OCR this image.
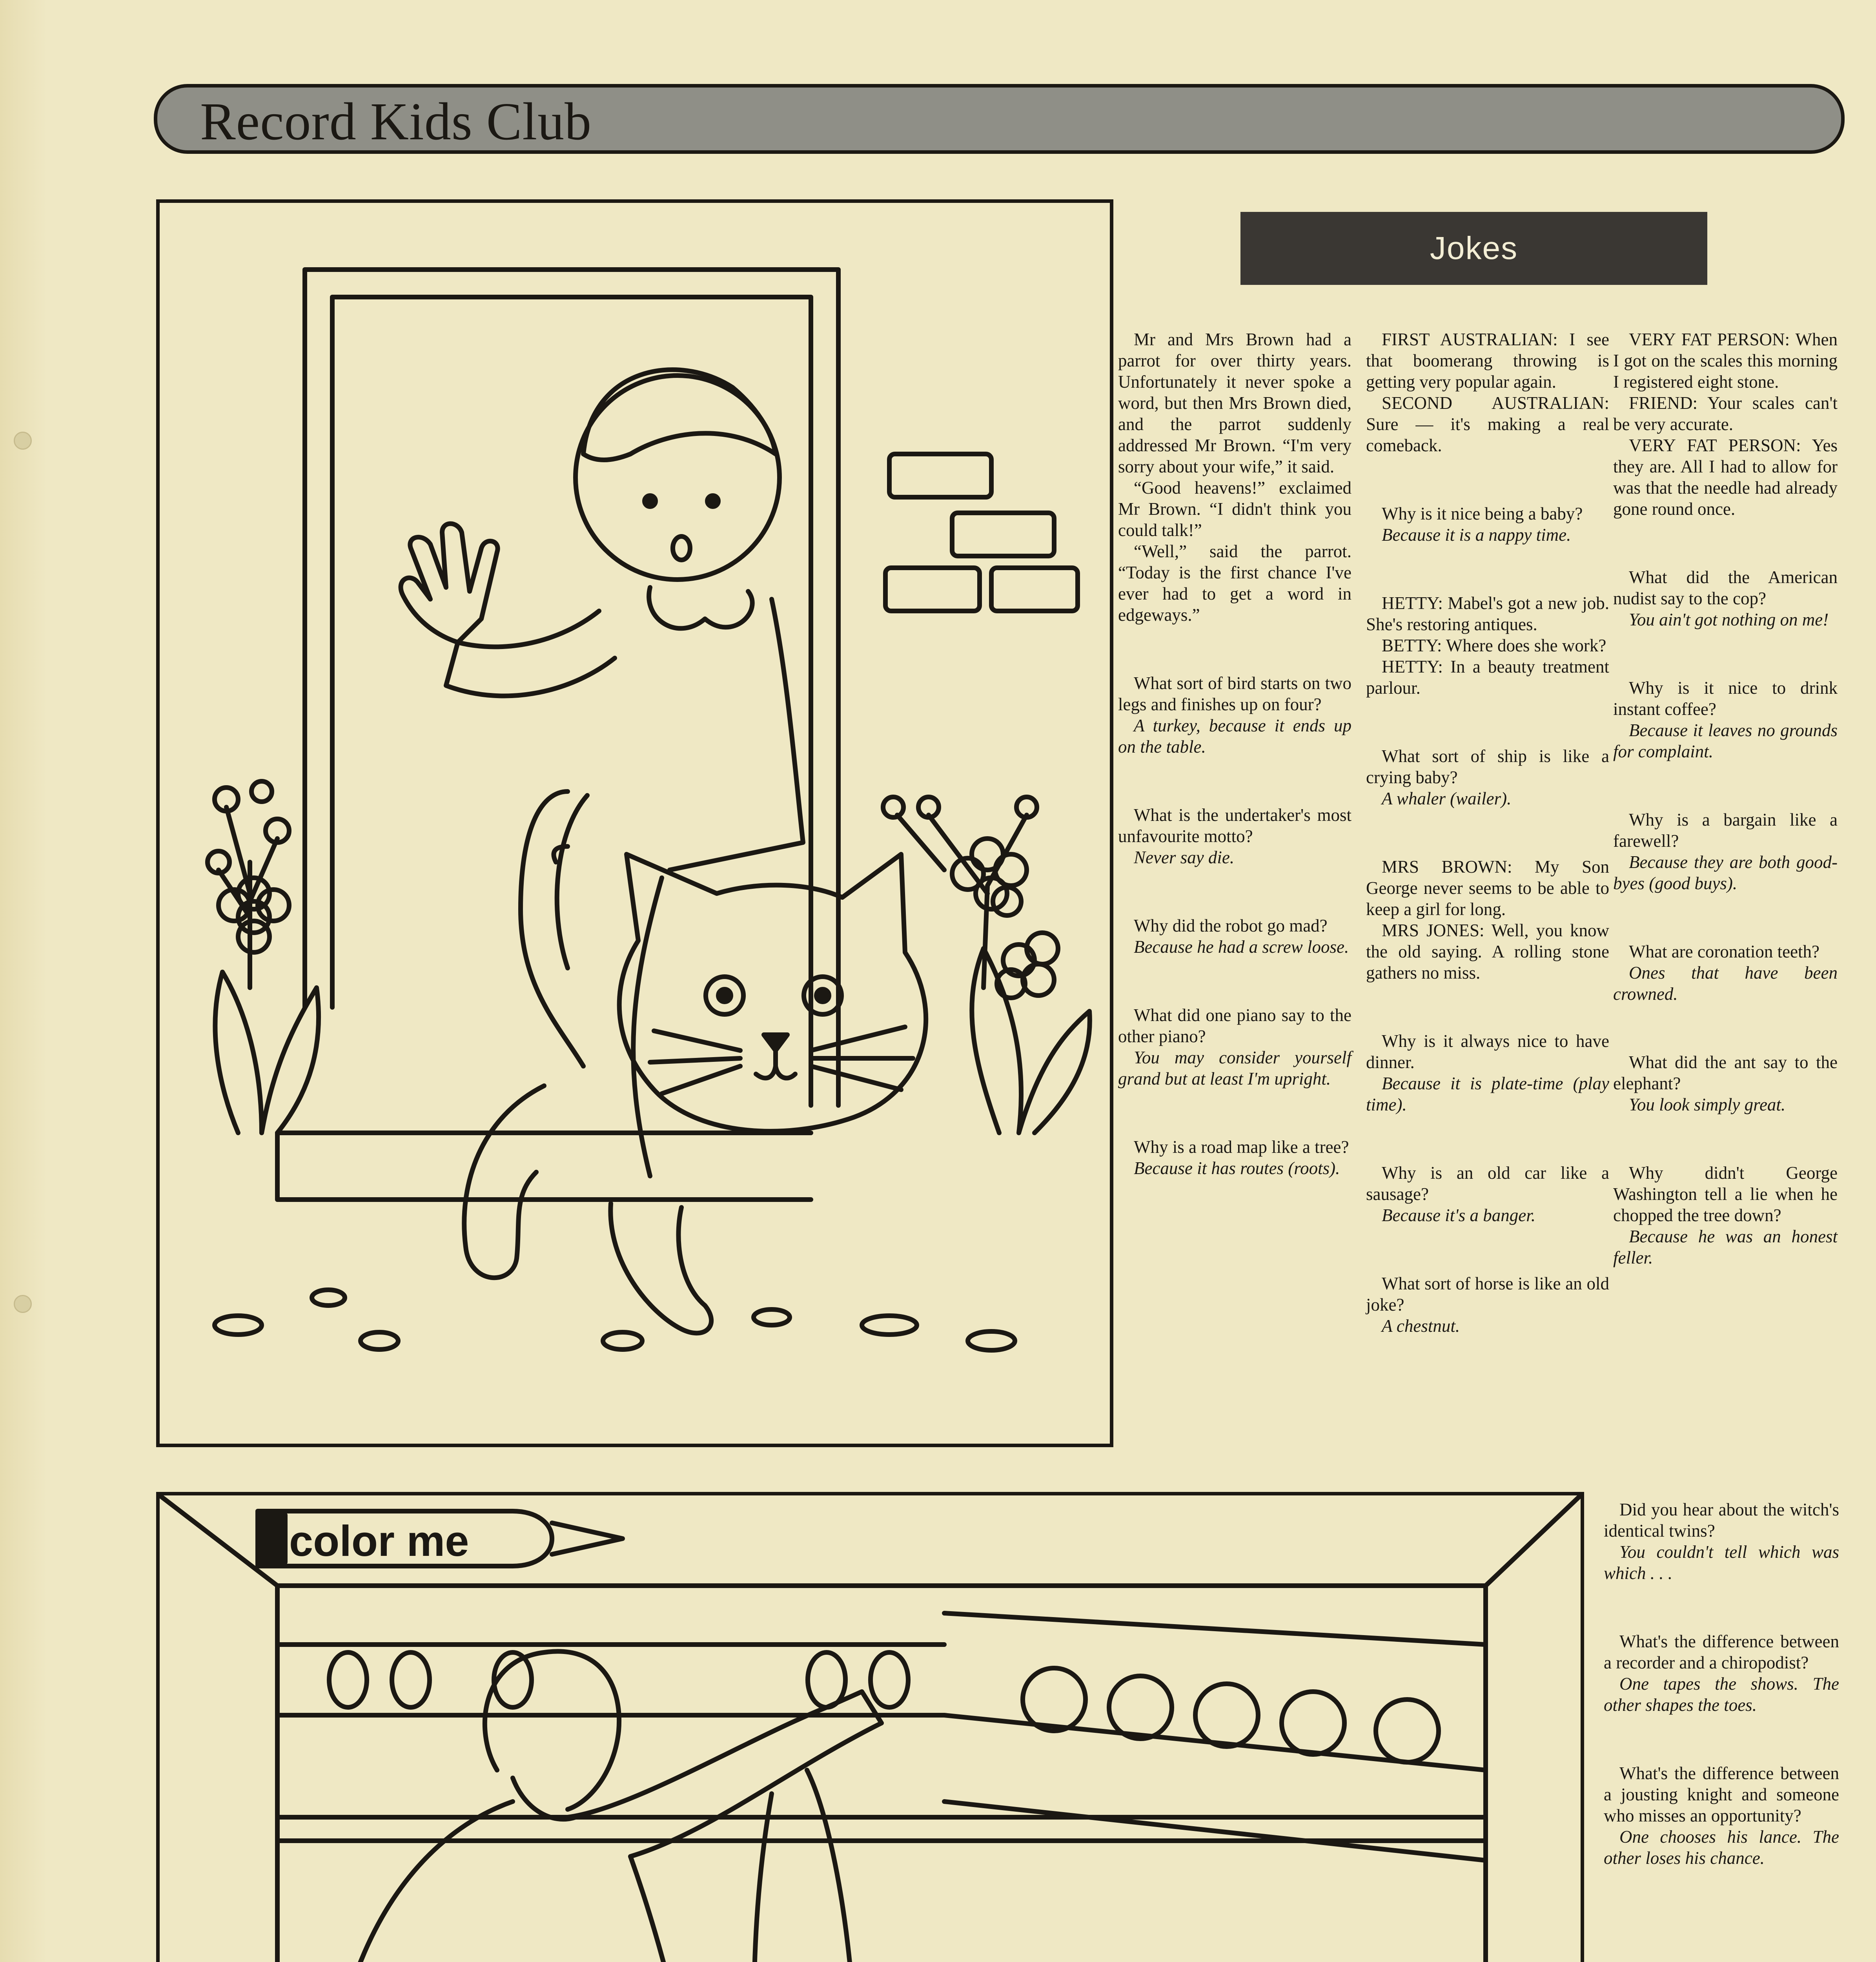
Record Kids Club
Jokes

Mr and Mrs Brown had a parrot for over thirty years. Unfortunately it never spoke a word, but then Mrs Brown died, and the parrot suddenly addressed Mr Brown. “I'm very sorry about your wife,” it said.

“Good heavens!” exclaimed Mr Brown. “I didn't think you could talk!”

“Well,” said the parrot. “Today is the first chance I've ever had to get a word in edgeways.”

What sort of bird starts on two legs and finishes up on four?

A turkey, because it ends up on the table.

What is the undertaker's most unfavourite motto?

Never say die.

Why did the robot go mad?

Because he had a screw loose.

What did one piano say to the other piano?

You may consider yourself grand but at least I'm upright.

Why is a road map like a tree?

Because it has routes (roots).

FIRST AUSTRALIAN: I see that boomerang throwing is getting very popular again.

SECOND AUSTRALIAN: Sure — it's making a real comeback.

Why is it nice being a baby?

Because it is a nappy time.

HETTY: Mabel's got a new job. She's restoring antiques.

BETTY: Where does she work?

HETTY: In a beauty treatment parlour.

What sort of ship is like a crying baby?

A whaler (wailer).

MRS BROWN: My Son George never seems to be able to keep a girl for long.

MRS JONES: Well, you know the old saying. A rolling stone gathers no miss.

Why is it always nice to have dinner.

Because it is plate-time (play time).

Why is an old car like a sausage?

Because it's a banger.

What sort of horse is like an old joke?

A chestnut.

VERY FAT PERSON: When I got on the scales this morning I registered eight stone.

FRIEND: Your scales can't be very accurate.

VERY FAT PERSON: Yes they are. All I had to allow for was that the needle had already gone round once.

What did the American nudist say to the cop?

You ain't got nothing on me!

Why is it nice to drink instant coffee?

Because it leaves no grounds for complaint.

Why is a bargain like a farewell?

Because they are both good-byes (good buys).

What are coronation teeth?

Ones that have been crowned.

What did the ant say to the elephant?

You look simply great.

Why didn't George Washington tell a lie when he chopped the tree down?

Because he was an honest feller.

Did you hear about the witch's identical twins?

You couldn't tell which was which . . .

What's the difference between a recorder and a chiropodist?

One tapes the shows. The other shapes the toes.

What's the difference between a jousting knight and someone who misses an opportunity?

One chooses his lance. The other loses his chance.

color me
